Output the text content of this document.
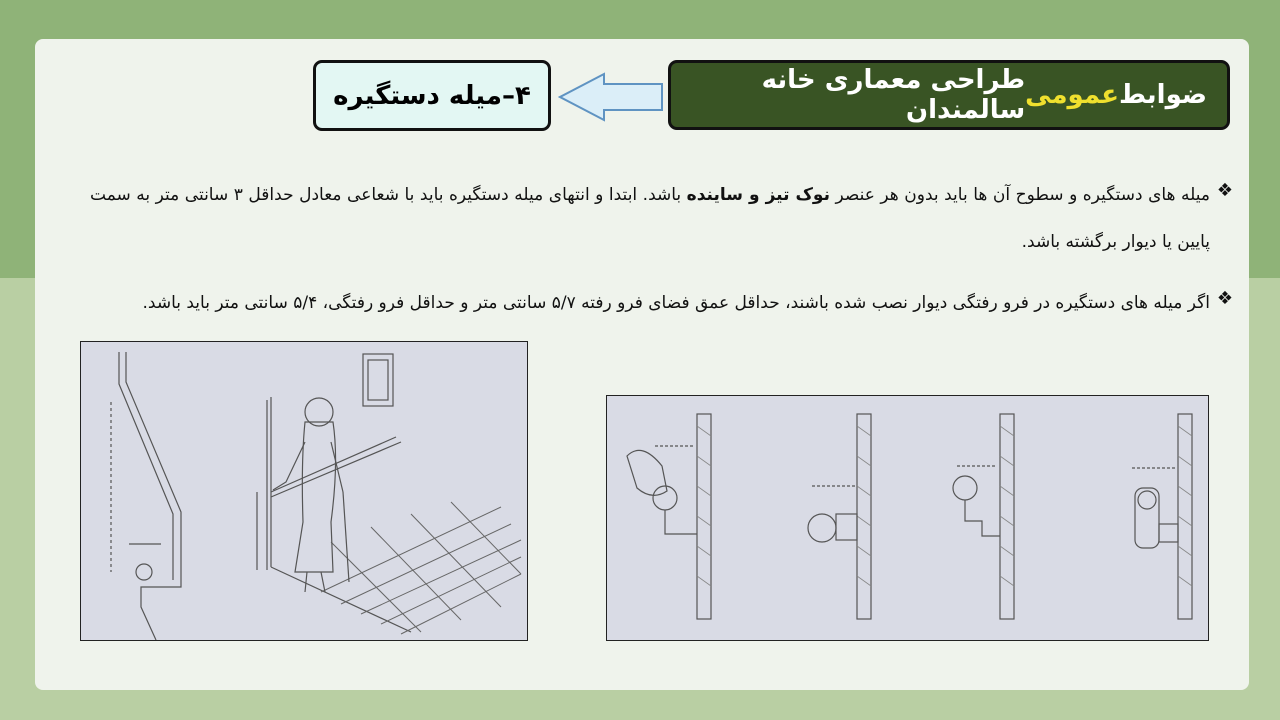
ضوابط
عمومی
طراحی معماری خانه سالمندان
۴–میله دستگیره
❖
میله های دستگیره و سطوح آن ها باید بدون هر عنصر نوک تیز و ساینده باشد. ابتدا و انتهای میله دستگیره باید با شعاعی معادل حداقل ۳ سانتی متر به سمت پایین یا دیوار برگشته باشد.
❖
اگر میله های دستگیره در فرو رفتگی دیوار نصب شده باشند، حداقل عمق فضای فرو رفته ۵/۷ سانتی متر و حداقل فرو رفتگی، ۵/۴ سانتی متر باید باشد.
